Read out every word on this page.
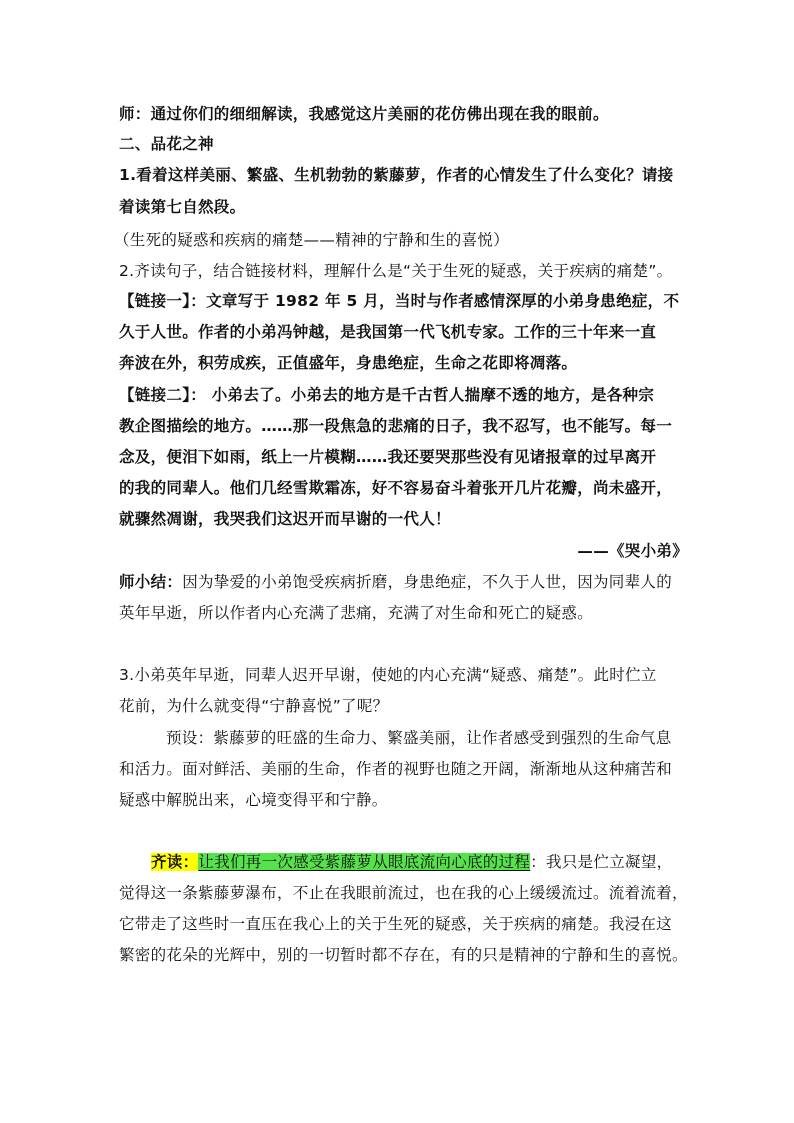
师：通过你们的细细解读，我感觉这片美丽的花仿佛出现在我的眼前。
二、品花之神
1.看着这样美丽、繁盛、生机勃勃的紫藤萝，作者的心情发生了什么变化？请接
着读第七自然段。
（生死的疑惑和疾病的痛楚——精神的宁静和生的喜悦）
2.齐读句子，结合链接材料，理解什么是“关于生死的疑惑，关于疾病的痛楚”。
【链接一】：文章写于 1982 年 5 月，当时与作者感情深厚的小弟身患绝症，不
久于人世。作者的小弟冯钟越，是我国第一代飞机专家。工作的三十年来一直
奔波在外，积劳成疾，正值盛年，身患绝症，生命之花即将凋落。
【链接二】： 小弟去了。小弟去的地方是千古哲人揣摩不透的地方，是各种宗
教企图描绘的地方。……那一段焦急的悲痛的日子，我不忍写，也不能写。每一
念及，便泪下如雨，纸上一片模糊……我还要哭那些没有见诸报章的过早离开
的我的同辈人。他们几经雪欺霜冻，好不容易奋斗着张开几片花瓣，尚未盛开，
就骤然凋谢，我哭我们这迟开而早谢的一代人！
——《哭小弟》
师小结：因为挚爱的小弟饱受疾病折磨，身患绝症，不久于人世，因为同辈人的
英年早逝，所以作者内心充满了悲痛，充满了对生命和死亡的疑惑。
3.小弟英年早逝，同辈人迟开早谢，使她的内心充满“疑惑、痛楚”。此时伫立
花前，为什么就变得“宁静喜悦”了呢？
预设：紫藤萝的旺盛的生命力、繁盛美丽，让作者感受到强烈的生命气息
和活力。面对鲜活、美丽的生命，作者的视野也随之开阔，渐渐地从这种痛苦和
疑惑中解脱出来，心境变得平和宁静。
齐读：让我们再一次感受紫藤萝从眼底流向心底的过程：我只是伫立凝望，
觉得这一条紫藤萝瀑布，不止在我眼前流过，也在我的心上缓缓流过。流着流着，
它带走了这些时一直压在我心上的关于生死的疑惑，关于疾病的痛楚。我浸在这
繁密的花朵的光辉中，别的一切暂时都不存在，有的只是精神的宁静和生的喜悦。
